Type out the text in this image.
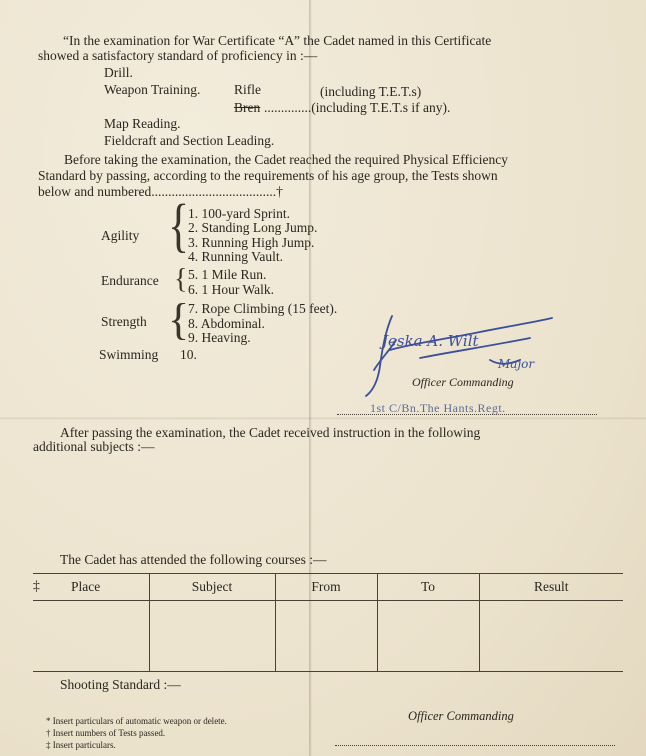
“In the examination for War Certificate “A” the Cadet named in this Certificate
showed a satisfactory standard of proficiency in :—
Drill.
Weapon Training. Rifle	(including T.E.T.s)
Bren ..............(including T.E.T.s if any).
Map Reading.
Fieldcraft and Section Leading.
Before taking the examination, the Cadet reached the required Physical Efficiency
Standard by passing, according to the requirements of his age group, the Tests shown
below and numbered.....................................†
Agility {
1. 100-yard Sprint.
2. Standing Long Jump.
3. Running High Jump.
4. Running Vault.
Endurance { 5. 1 Mile Run.
6. 1 Hour Walk.
Strength {
7. Rope Climbing (15 feet).
8. Abdominal.
9. Heaving.
Swimming 10.
Jeska A. Wilt
Major
Officer Commanding
1st C/Bn.The Hants.Regt.
After passing the examination, the Cadet received instruction in the following
additional subjects :—
The Cadet has attended the following courses :—
‡ Place	Subject	From	To	Result

Shooting Standard :—
Officer Commanding
* Insert particulars of automatic weapon or delete.
† Insert numbers of Tests passed.
‡ Insert particulars.
